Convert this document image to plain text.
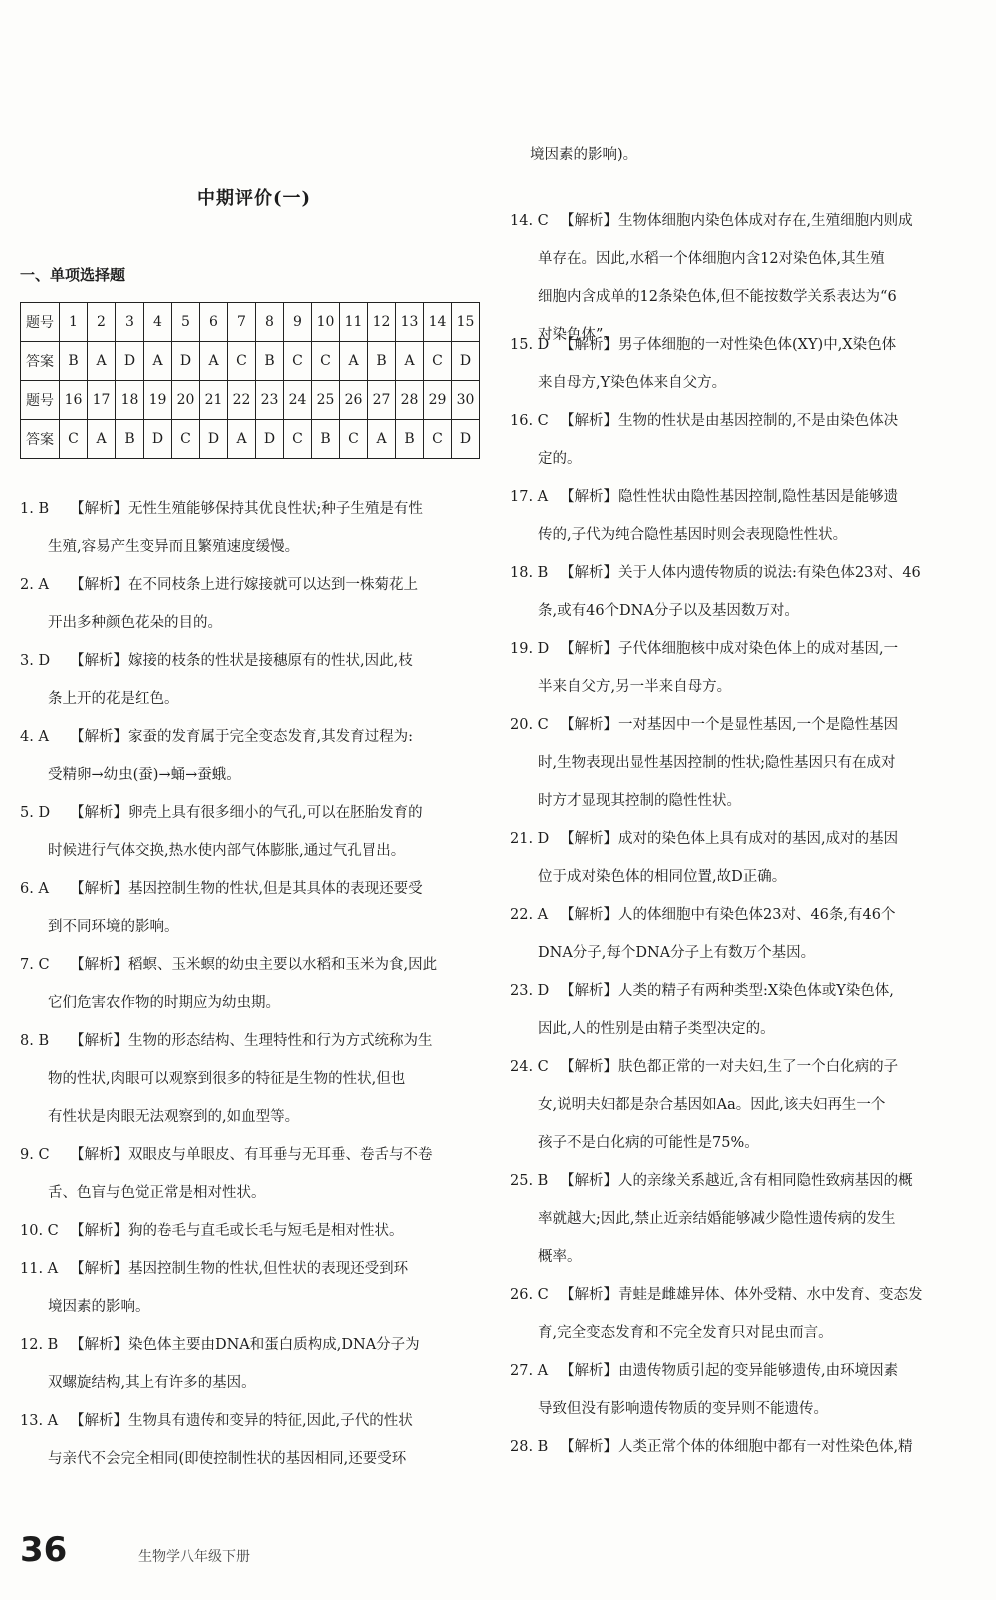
中期评价(一)
一、单项选择题
题号	1	2	3	4	5	6	7	8	9	10	11	12	13	14	15
答案	B	A	D	A	D	A	C	B	C	C	A	B	A	C	D
题号	16	17	18	19	20	21	22	23	24	25	26	27	28	29	30
答案	C	A	B	D	C	D	A	D	C	B	C	A	B	C	D
1. B 【解析】无性生殖能够保持其优良性状;种子生殖是有性
生殖,容易产生变异而且繁殖速度缓慢。
2. A 【解析】在不同枝条上进行嫁接就可以达到一株菊花上
开出多种颜色花朵的目的。
3. D 【解析】嫁接的枝条的性状是接穗原有的性状,因此,枝
条上开的花是红色。
4. A 【解析】家蚕的发育属于完全变态发育,其发育过程为:
受精卵→幼虫(蚕)→蛹→蚕蛾。
5. D 【解析】卵壳上具有很多细小的气孔,可以在胚胎发育的
时候进行气体交换,热水使内部气体膨胀,通过气孔冒出。
6. A 【解析】基因控制生物的性状,但是其具体的表现还要受
到不同环境的影响。
7. C 【解析】稻螟、玉米螟的幼虫主要以水稻和玉米为食,因此
它们危害农作物的时期应为幼虫期。
8. B 【解析】生物的形态结构、生理特性和行为方式统称为生
物的性状,肉眼可以观察到很多的特征是生物的性状,但也
有性状是肉眼无法观察到的,如血型等。
9. C 【解析】双眼皮与单眼皮、有耳垂与无耳垂、卷舌与不卷
舌、色盲与色觉正常是相对性状。
10. C 【解析】狗的卷毛与直毛或长毛与短毛是相对性状。
11. A 【解析】基因控制生物的性状,但性状的表现还受到环
境因素的影响。
12. B 【解析】染色体主要由DNA和蛋白质构成,DNA分子为
双螺旋结构,其上有许多的基因。
13. A 【解析】生物具有遗传和变异的特征,因此,子代的性状
与亲代不会完全相同(即使控制性状的基因相同,还要受环
36	生物学八年级下册
境因素的影响)。
14. C 【解析】生物体细胞内染色体成对存在,生殖细胞内则成
单存在。因此,水稻一个体细胞内含12对染色体,其生殖
细胞内含成单的12条染色体,但不能按数学关系表达为“6
对染色体”。
15. D 【解析】男子体细胞的一对性染色体(XY)中,X染色体
来自母方,Y染色体来自父方。
16. C 【解析】生物的性状是由基因控制的,不是由染色体决
定的。
17. A 【解析】隐性性状由隐性基因控制,隐性基因是能够遗
传的,子代为纯合隐性基因时则会表现隐性性状。
18. B 【解析】关于人体内遗传物质的说法:有染色体23对、46
条,或有46个DNA分子以及基因数万对。
19. D 【解析】子代体细胞核中成对染色体上的成对基因,一
半来自父方,另一半来自母方。
20. C 【解析】一对基因中一个是显性基因,一个是隐性基因
时,生物表现出显性基因控制的性状;隐性基因只有在成对
时方才显现其控制的隐性性状。
21. D 【解析】成对的染色体上具有成对的基因,成对的基因
位于成对染色体的相同位置,故D正确。
22. A 【解析】人的体细胞中有染色体23对、46条,有46个
DNA分子,每个DNA分子上有数万个基因。
23. D 【解析】人类的精子有两种类型:X染色体或Y染色体,
因此,人的性别是由精子类型决定的。
24. C 【解析】肤色都正常的一对夫妇,生了一个白化病的子
女,说明夫妇都是杂合基因如Aa。因此,该夫妇再生一个
孩子不是白化病的可能性是75%。
25. B 【解析】人的亲缘关系越近,含有相同隐性致病基因的概
率就越大;因此,禁止近亲结婚能够减少隐性遗传病的发生
概率。
26. C 【解析】青蛙是雌雄异体、体外受精、水中发育、变态发
育,完全变态发育和不完全发育只对昆虫而言。
27. A 【解析】由遗传物质引起的变异能够遗传,由环境因素
导致但没有影响遗传物质的变异则不能遗传。
28. B 【解析】人类正常个体的体细胞中都有一对性染色体,精
